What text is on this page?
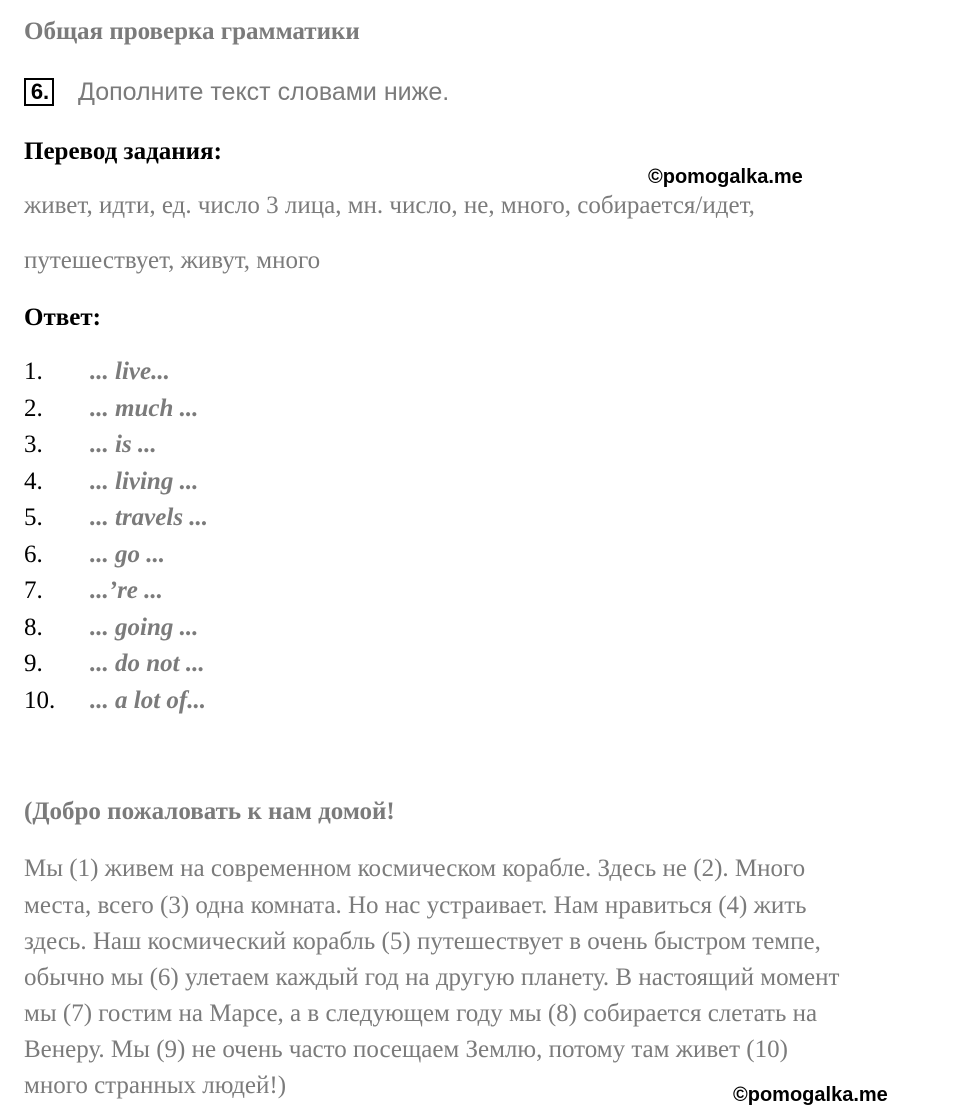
Общая проверка грамматики
6. Дополните текст словами ниже.
Перевод задания:
©pomogalka.me
живет, идти, ед. число 3 лица, мн. число, не, много, собирается/идет,
путешествует, живут, много
Ответ:
1. ... live...
2. ... much ...
3. ... is ...
4. ... living ...
5. ... travels ...
6. ... go ...
7. ...’re ...
8. ... going ...
9. ... do not ...
10. ... a lot of...
(Добро пожаловать к нам домой!
Мы (1) живем на современном космическом корабле. Здесь не (2). Много
места, всего (3) одна комната. Но нас устраивает. Нам нравиться (4) жить
здесь. Наш космический корабль (5) путешествует в очень быстром темпе,
обычно мы (6) улетаем каждый год на другую планету. В настоящий момент
мы (7) гостим на Марсе, а в следующем году мы (8) собирается слетать на
Венеру. Мы (9) не очень часто посещаем Землю, потому там живет (10)
много странных людей!)	©pomogalka.me
